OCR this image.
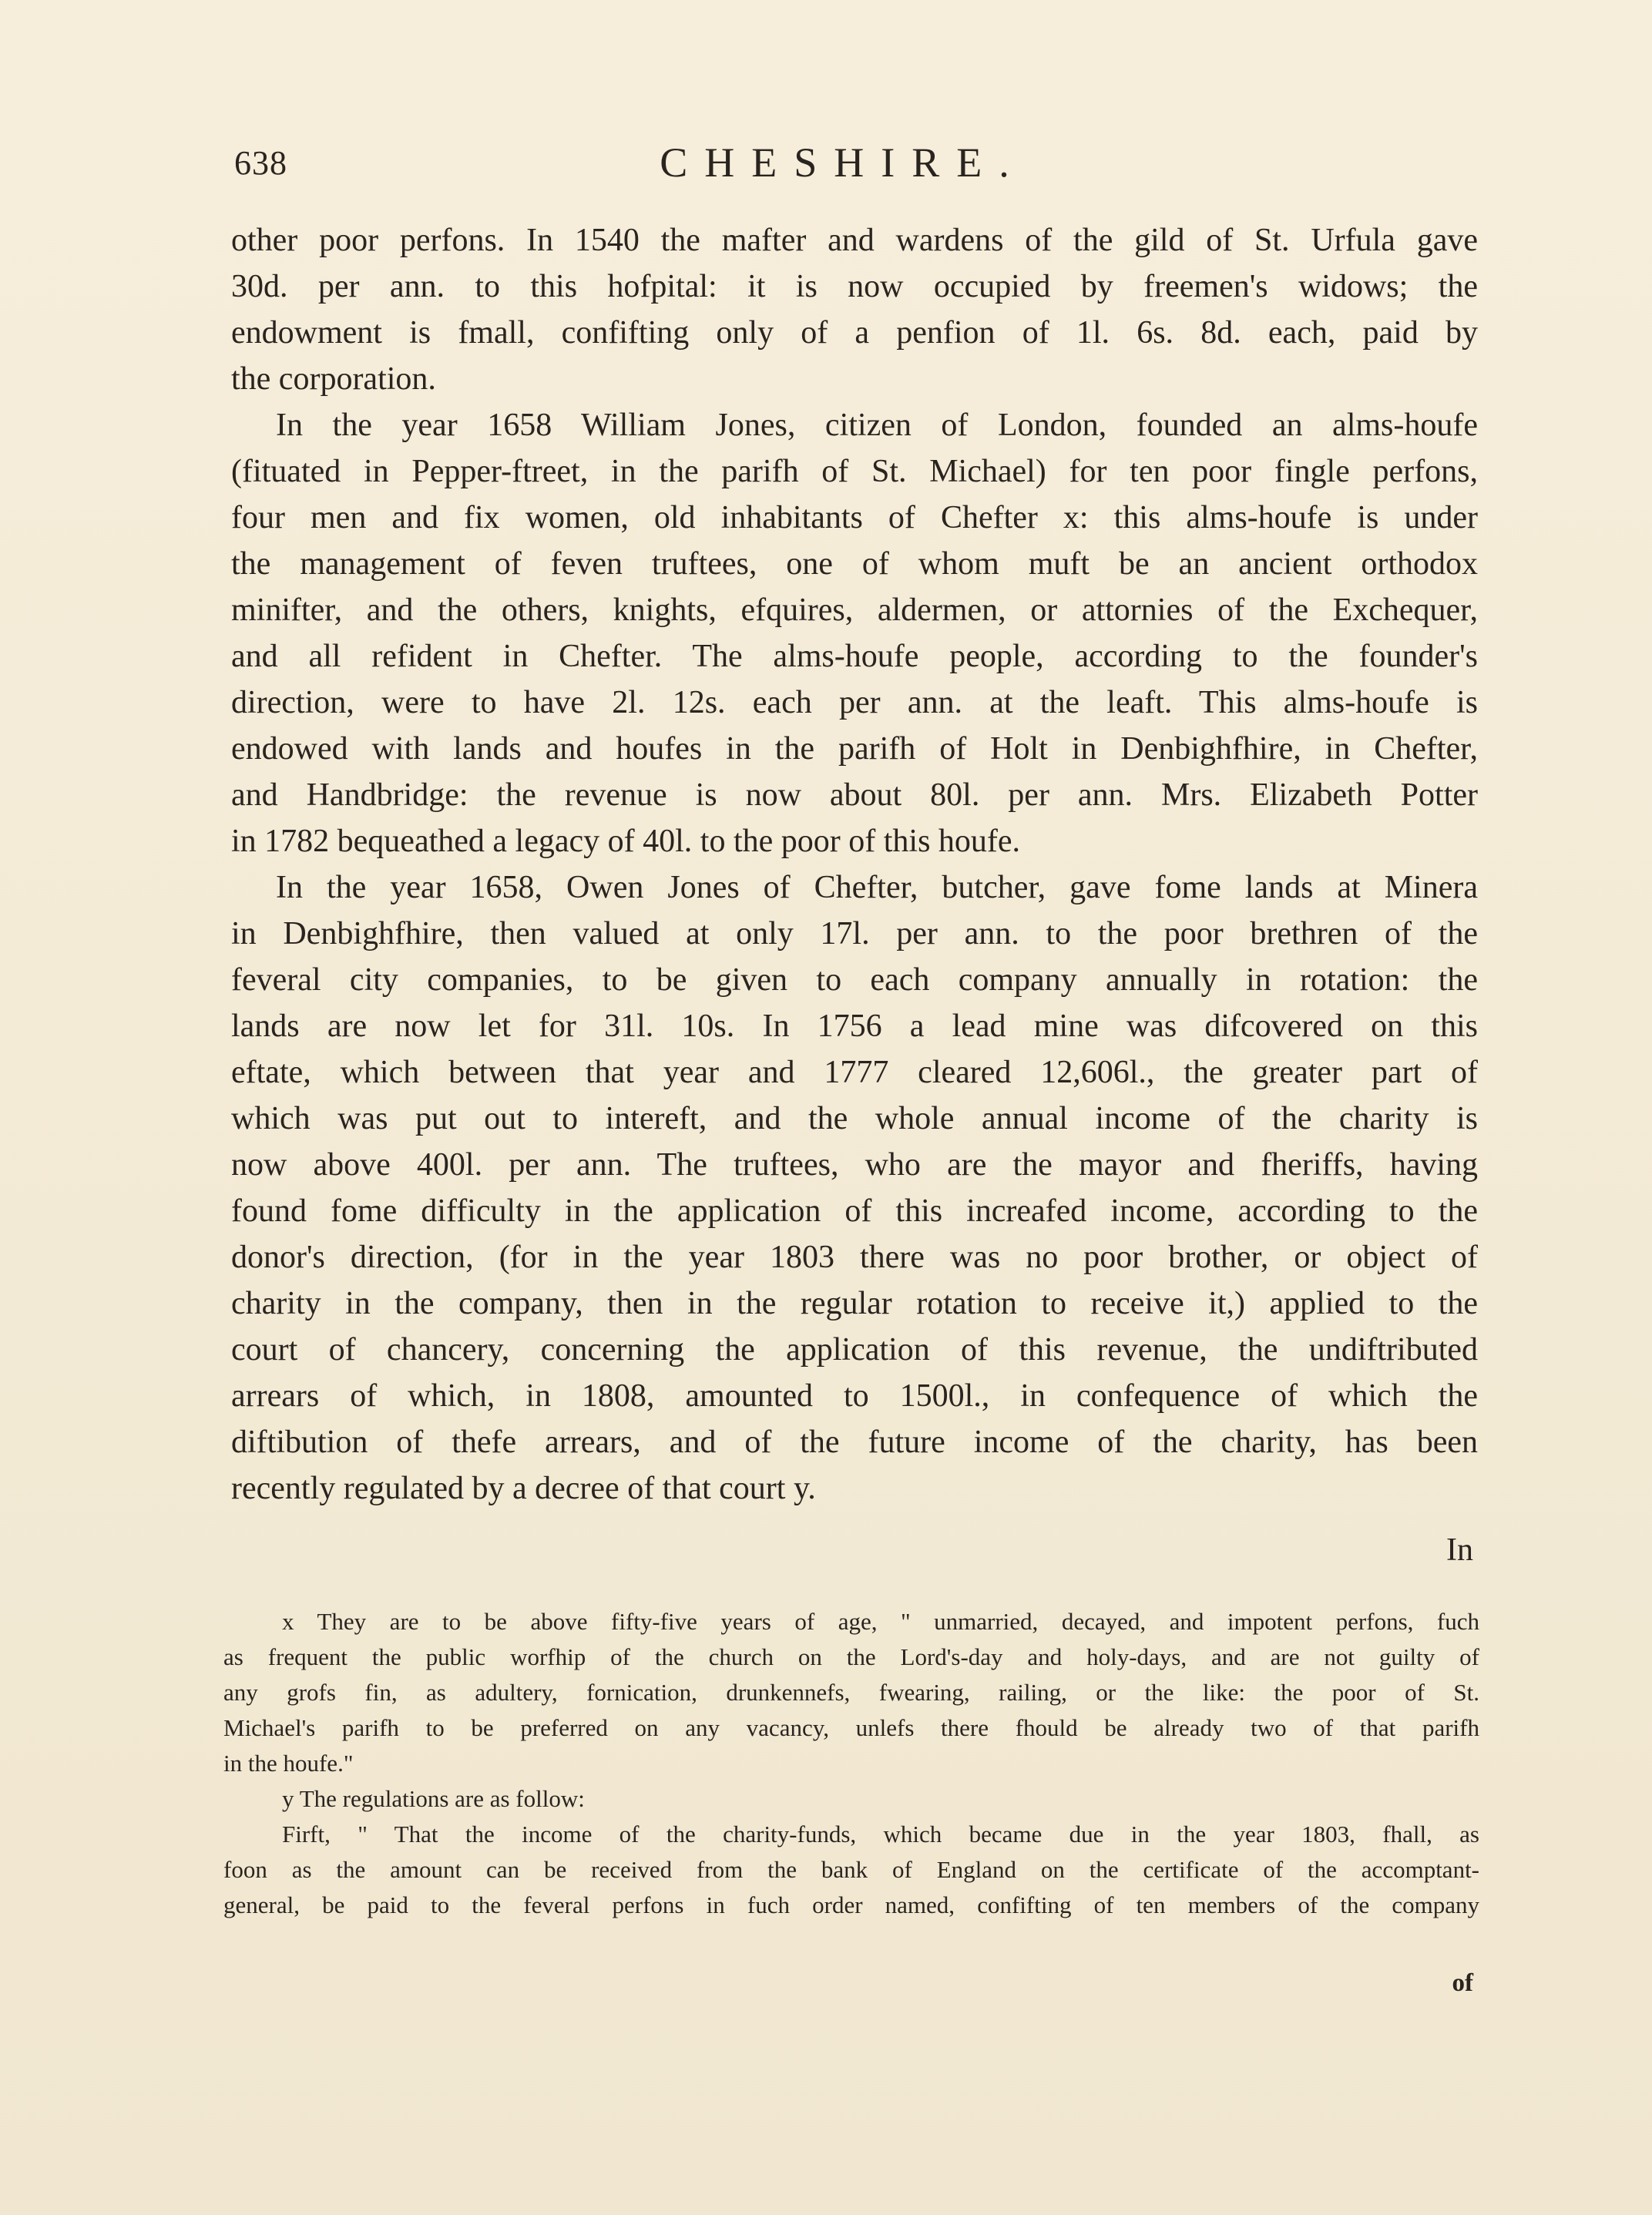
638	CHESHIRE.
other poor perfons. In 1540 the mafter and wardens of the gild of St. Urfula gave
30d. per ann. to this hofpital: it is now occupied by freemen's widows; the
endowment is fmall, confifting only of a penfion of 1l. 6s. 8d. each, paid by
the corporation.
In the year 1658 William Jones, citizen of London, founded an alms-houfe
(fituated in Pepper-ftreet, in the parifh of St. Michael) for ten poor fingle perfons,
four men and fix women, old inhabitants of Chefter x: this alms-houfe is under
the management of feven truftees, one of whom muft be an ancient orthodox
minifter, and the others, knights, efquires, aldermen, or attornies of the Exchequer,
and all refident in Chefter. The alms-houfe people, according to the founder's
direction, were to have 2l. 12s. each per ann. at the leaft. This alms-houfe is
endowed with lands and houfes in the parifh of Holt in Denbighfhire, in Chefter,
and Handbridge: the revenue is now about 80l. per ann. Mrs. Elizabeth Potter
in 1782 bequeathed a legacy of 40l. to the poor of this houfe.
In the year 1658, Owen Jones of Chefter, butcher, gave fome lands at Minera
in Denbighfhire, then valued at only 17l. per ann. to the poor brethren of the
feveral city companies, to be given to each company annually in rotation: the
lands are now let for 31l. 10s. In 1756 a lead mine was difcovered on this
eftate, which between that year and 1777 cleared 12,606l., the greater part of
which was put out to intereft, and the whole annual income of the charity is
now above 400l. per ann. The truftees, who are the mayor and fheriffs, having
found fome difficulty in the application of this increafed income, according to the
donor's direction, (for in the year 1803 there was no poor brother, or object of
charity in the company, then in the regular rotation to receive it,) applied to the
court of chancery, concerning the application of this revenue, the undiftributed
arrears of which, in 1808, amounted to 1500l., in confequence of which the
diftibution of thefe arrears, and of the future income of the charity, has been
recently regulated by a decree of that court y.
In
x They are to be above fifty-five years of age, " unmarried, decayed, and impotent perfons, fuch
as frequent the public worfhip of the church on the Lord's-day and holy-days, and are not guilty of
any grofs fin, as adultery, fornication, drunkennefs, fwearing, railing, or the like: the poor of St.
Michael's parifh to be preferred on any vacancy, unlefs there fhould be already two of that parifh
in the houfe."
y The regulations are as follow:
Firft, " That the income of the charity-funds, which became due in the year 1803, fhall, as
foon as the amount can be received from the bank of England on the certificate of the accomptant-
general, be paid to the feveral perfons in fuch order named, confifting of ten members of the company
of
